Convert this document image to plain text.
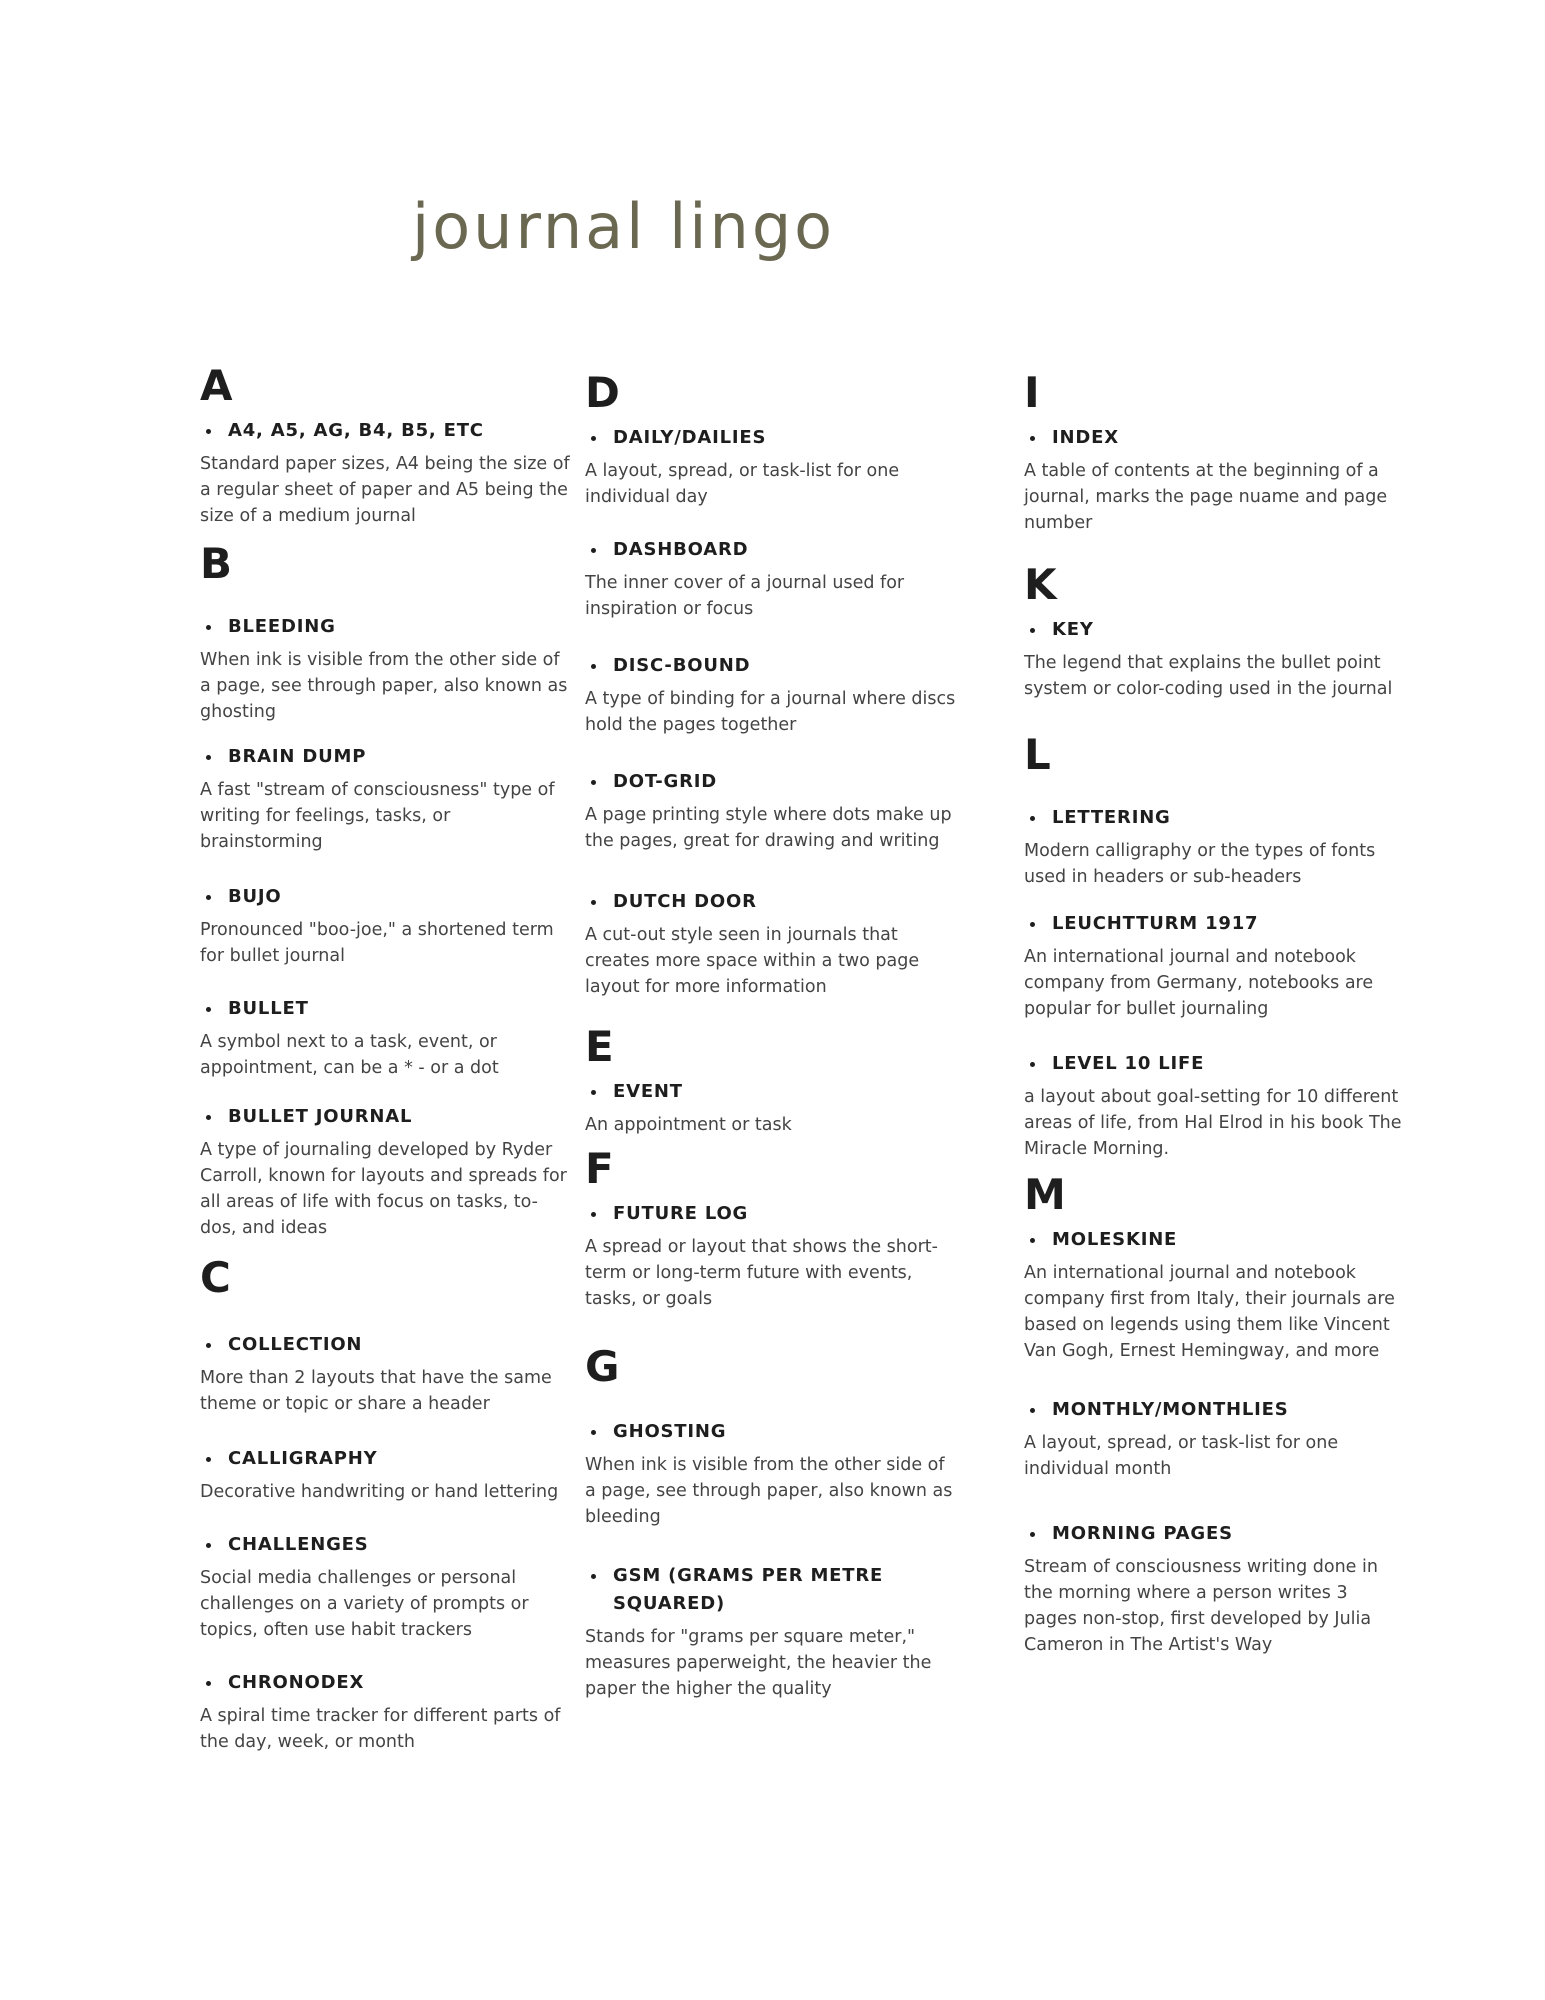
journal lingo
A
A4, A5, AG, B4, B5, ETC

Standard paper sizes, A4 being the size of a regular sheet of paper and A5 being the size of a medium journal

B
BLEEDING

When ink is visible from the other side of a page, see through paper, also known as ghosting

BRAIN DUMP

A fast "stream of consciousness" type of writing for feelings, tasks, or brainstorming

BUJO

Pronounced "boo-joe," a shortened term for bullet journal

BULLET

A symbol next to a task, event, or appointment, can be a * - or a dot

BULLET JOURNAL

A type of journaling developed by Ryder Carroll, known for layouts and spreads for all areas of life with focus on tasks, to-dos, and ideas

C
COLLECTION

More than 2 layouts that have the same theme or topic or share a header

CALLIGRAPHY

Decorative handwriting or hand lettering

CHALLENGES

Social media challenges or personal challenges on a variety of prompts or topics, often use habit trackers

CHRONODEX

A spiral time tracker for different parts of the day, week, or month

D
DAILY/DAILIES

A layout, spread, or task-list for one individual day

DASHBOARD

The inner cover of a journal used for inspiration or focus

DISC-BOUND

A type of binding for a journal where discs hold the pages together

DOT-GRID

A page printing style where dots make up the pages, great for drawing and writing

DUTCH DOOR

A cut-out style seen in journals that creates more space within a two page layout for more information

E
EVENT

An appointment or task

F
FUTURE LOG

A spread or layout that shows the short-term or long-term future with events, tasks, or goals

G
GHOSTING

When ink is visible from the other side of a page, see through paper, also known as bleeding

GSM (GRAMS PER METRE SQUARED)

Stands for "grams per square meter," measures paperweight, the heavier the paper the higher the quality

I
INDEX

A table of contents at the beginning of a journal, marks the page nuame and page number

K
KEY

The legend that explains the bullet point system or color-coding used in the journal

L
LETTERING

Modern calligraphy or the types of fonts used in headers or sub-headers

LEUCHTTURM 1917

An international journal and notebook company from Germany, notebooks are popular for bullet journaling

LEVEL 10 LIFE

a layout about goal-setting for 10 different areas of life, from Hal Elrod in his book The Miracle Morning.

M
MOLESKINE

An international journal and notebook company first from Italy, their journals are based on legends using them like Vincent Van Gogh, Ernest Hemingway, and more

MONTHLY/MONTHLIES

A layout, spread, or task-list for one individual month

MORNING PAGES

Stream of consciousness writing done in the morning where a person writes 3 pages non-stop, first developed by Julia Cameron in The Artist's Way
